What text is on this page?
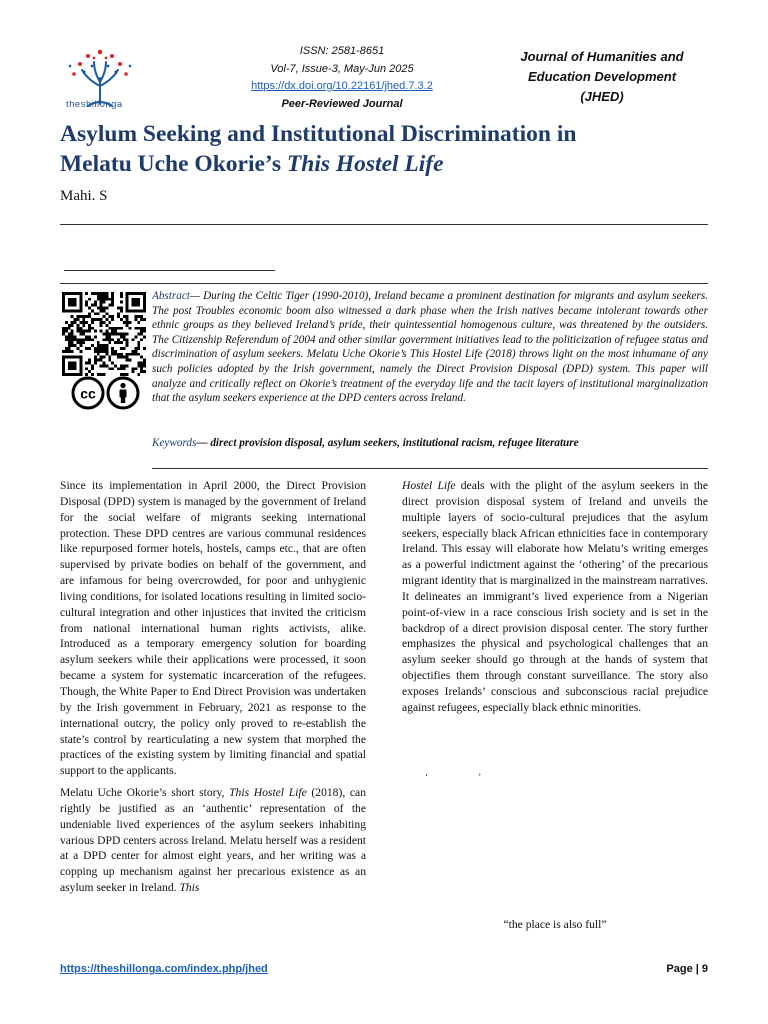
theshillonga
ISSN: 2581-8651
Vol-7, Issue-3, May-Jun 2025
https://dx.doi.org/10.22161/jhed.7.3.2
Peer-Reviewed Journal
Journal of Humanities and
Education Development
(JHED)
Asylum Seeking and Institutional Discrimination in
Melatu Uche Okorie’s This Hostel Life
Mahi. S
cc

Abstract— During the Celtic Tiger (1990-2010), Ireland became a prominent destination for migrants and asylum seekers. The post Troubles economic boom also witnessed a dark phase when the Irish natives became intolerant towards other ethnic groups as they believed Ireland’s pride, their quintessential homogenous culture, was threatened by the outsiders. The Citizenship Referendum of 2004 and other similar government initiatives lead to the politicization of refugee status and discrimination of asylum seekers. Melatu Uche Okorie’s This Hostel Life (2018) throws light on the most inhumane of any such policies adopted by the Irish government, namely the Direct Provision Disposal (DPD) system. This paper will analyze and critically reflect on Okorie’s treatment of the everyday life and the tacit layers of institutional marginalization that the asylum seekers experience at the DPD centers across Ireland.

Keywords— direct provision disposal, asylum seekers, institutional racism, refugee literature

Since its implementation in April 2000, the Direct Provision Disposal (DPD) system is managed by the government of Ireland for the social welfare of migrants seeking international protection. These DPD centres are various communal residences like repurposed former hotels, hostels, camps etc., that are often supervised by private bodies on behalf of the government, and are infamous for being overcrowded, for poor and unhygienic living conditions, for isolated locations resulting in limited socio-cultural integration and other injustices that invited the criticism from national international human rights activists, alike. Introduced as a temporary emergency solution for boarding asylum seekers while their applications were processed, it soon became a system for systematic incarceration of the refugees. Though, the White Paper to End Direct Provision was undertaken by the Irish government in February, 2021 as response to the international outcry, the policy only proved to re-establish the state’s control by rearticulating a new system that morphed the practices of the existing system by limiting financial and spatial support to the applicants.

Melatu Uche Okorie’s short story, This Hostel Life (2018), can rightly be justified as an ‘authentic’ representation of the undeniable lived experiences of the asylum seekers inhabiting various DPD centers across Ireland. Melatu herself was a resident at a DPD center for almost eight years, and her writing was a copping up mechanism against her precarious existence as an asylum seeker in Ireland. This

Hostel Life deals with the plight of the asylum seekers in the direct provision disposal system of Ireland and unveils the multiple layers of socio-cultural prejudices that the asylum seekers, especially black African ethnicities face in contemporary Ireland. This essay will elaborate how Melatu’s writing emerges as a powerful indictment against the ‘othering’ of the precarious migrant identity that is marginalized in the mainstream narratives. It delineates an immigrant’s lived experience from a Nigerian point-of-view in a race conscious Irish society and is set in the backdrop of a direct provision disposal center. The story further emphasizes the physical and psychological challenges that an asylum seeker should go through at the hands of system that objectifies them through constant surveillance. The story also exposes Irelands’ conscious and subconscious racial prejudice against refugees, especially black ethnic minorities.

‘ ’
“the place is also full”
https://theshillonga.com/index.php/jhed	Page | 9
